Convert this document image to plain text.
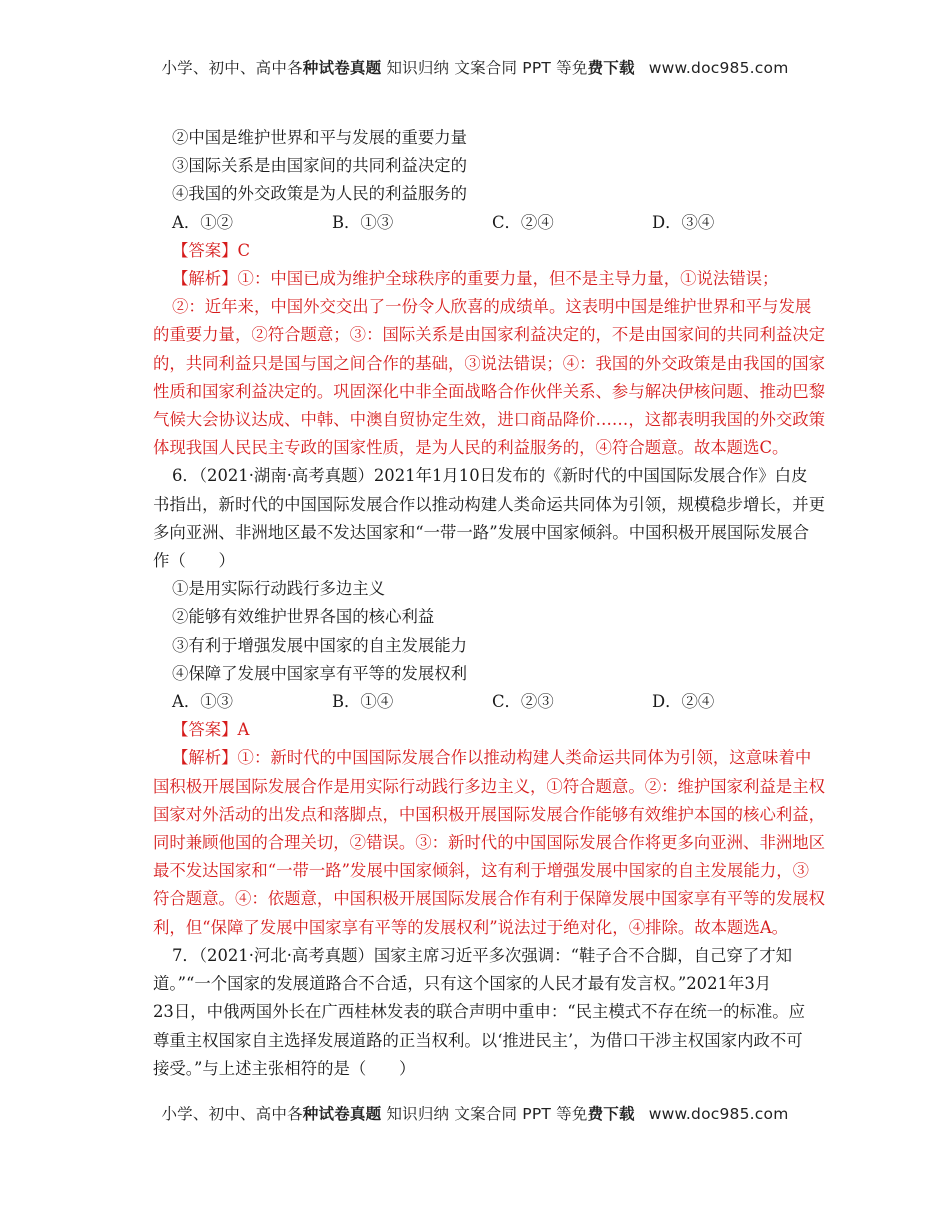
小学、初中、高中各种试卷真题 知识归纳 文案合同 PPT 等免费下载 www.doc985.com
②中国是维护世界和平与发展的重要力量
③国际关系是由国家间的共同利益决定的
④我国的外交政策是为人民的利益服务的
A．①②	B．①③	C．②④	D．③④
【答案】C
【解析】①：中国已成为维护全球秩序的重要力量，但不是主导力量，①说法错误；
②：近年来，中国外交交出了一份令人欣喜的成绩单。这表明中国是维护世界和平与发展
的重要力量，②符合题意；③：国际关系是由国家利益决定的，不是由国家间的共同利益决定
的，共同利益只是国与国之间合作的基础，③说法错误；④：我国的外交政策是由我国的国家
性质和国家利益决定的。巩固深化中非全面战略合作伙伴关系、参与解决伊核问题、推动巴黎
气候大会协议达成、中韩、中澳自贸协定生效，进口商品降价……，这都表明我国的外交政策
体现我国人民民主专政的国家性质，是为人民的利益服务的，④符合题意。故本题选C。
6．（2021·湖南·高考真题）2021年1月10日发布的《新时代的中国国际发展合作》白皮
书指出，新时代的中国国际发展合作以推动构建人类命运共同体为引领，规模稳步增长，并更
多向亚洲、非洲地区最不发达国家和“一带一路”发展中国家倾斜。中国积极开展国际发展合
作（　　）
①是用实际行动践行多边主义
②能够有效维护世界各国的核心利益
③有利于增强发展中国家的自主发展能力
④保障了发展中国家享有平等的发展权利
A．①③	B．①④	C．②③	D．②④
【答案】A
【解析】①：新时代的中国国际发展合作以推动构建人类命运共同体为引领，这意味着中
国积极开展国际发展合作是用实际行动践行多边主义，①符合题意。②：维护国家利益是主权
国家对外活动的出发点和落脚点，中国积极开展国际发展合作能够有效维护本国的核心利益，
同时兼顾他国的合理关切，②错误。③：新时代的中国国际发展合作将更多向亚洲、非洲地区
最不发达国家和“一带一路”发展中国家倾斜，这有利于增强发展中国家的自主发展能力，③
符合题意。④：依题意，中国积极开展国际发展合作有利于保障发展中国家享有平等的发展权
利，但“保障了发展中国家享有平等的发展权利”说法过于绝对化，④排除。故本题选A。
7．（2021·河北·高考真题）国家主席习近平多次强调：“鞋子合不合脚，自己穿了才知
道。”“一个国家的发展道路合不合适，只有这个国家的人民才最有发言权。”2021年3月
23日，中俄两国外长在广西桂林发表的联合声明中重申：“民主模式不存在统一的标准。应
尊重主权国家自主选择发展道路的正当权利。以‘推进民主’，为借口干涉主权国家内政不可
接受。”与上述主张相符的是（　　）
小学、初中、高中各种试卷真题 知识归纳 文案合同 PPT 等免费下载 www.doc985.com
